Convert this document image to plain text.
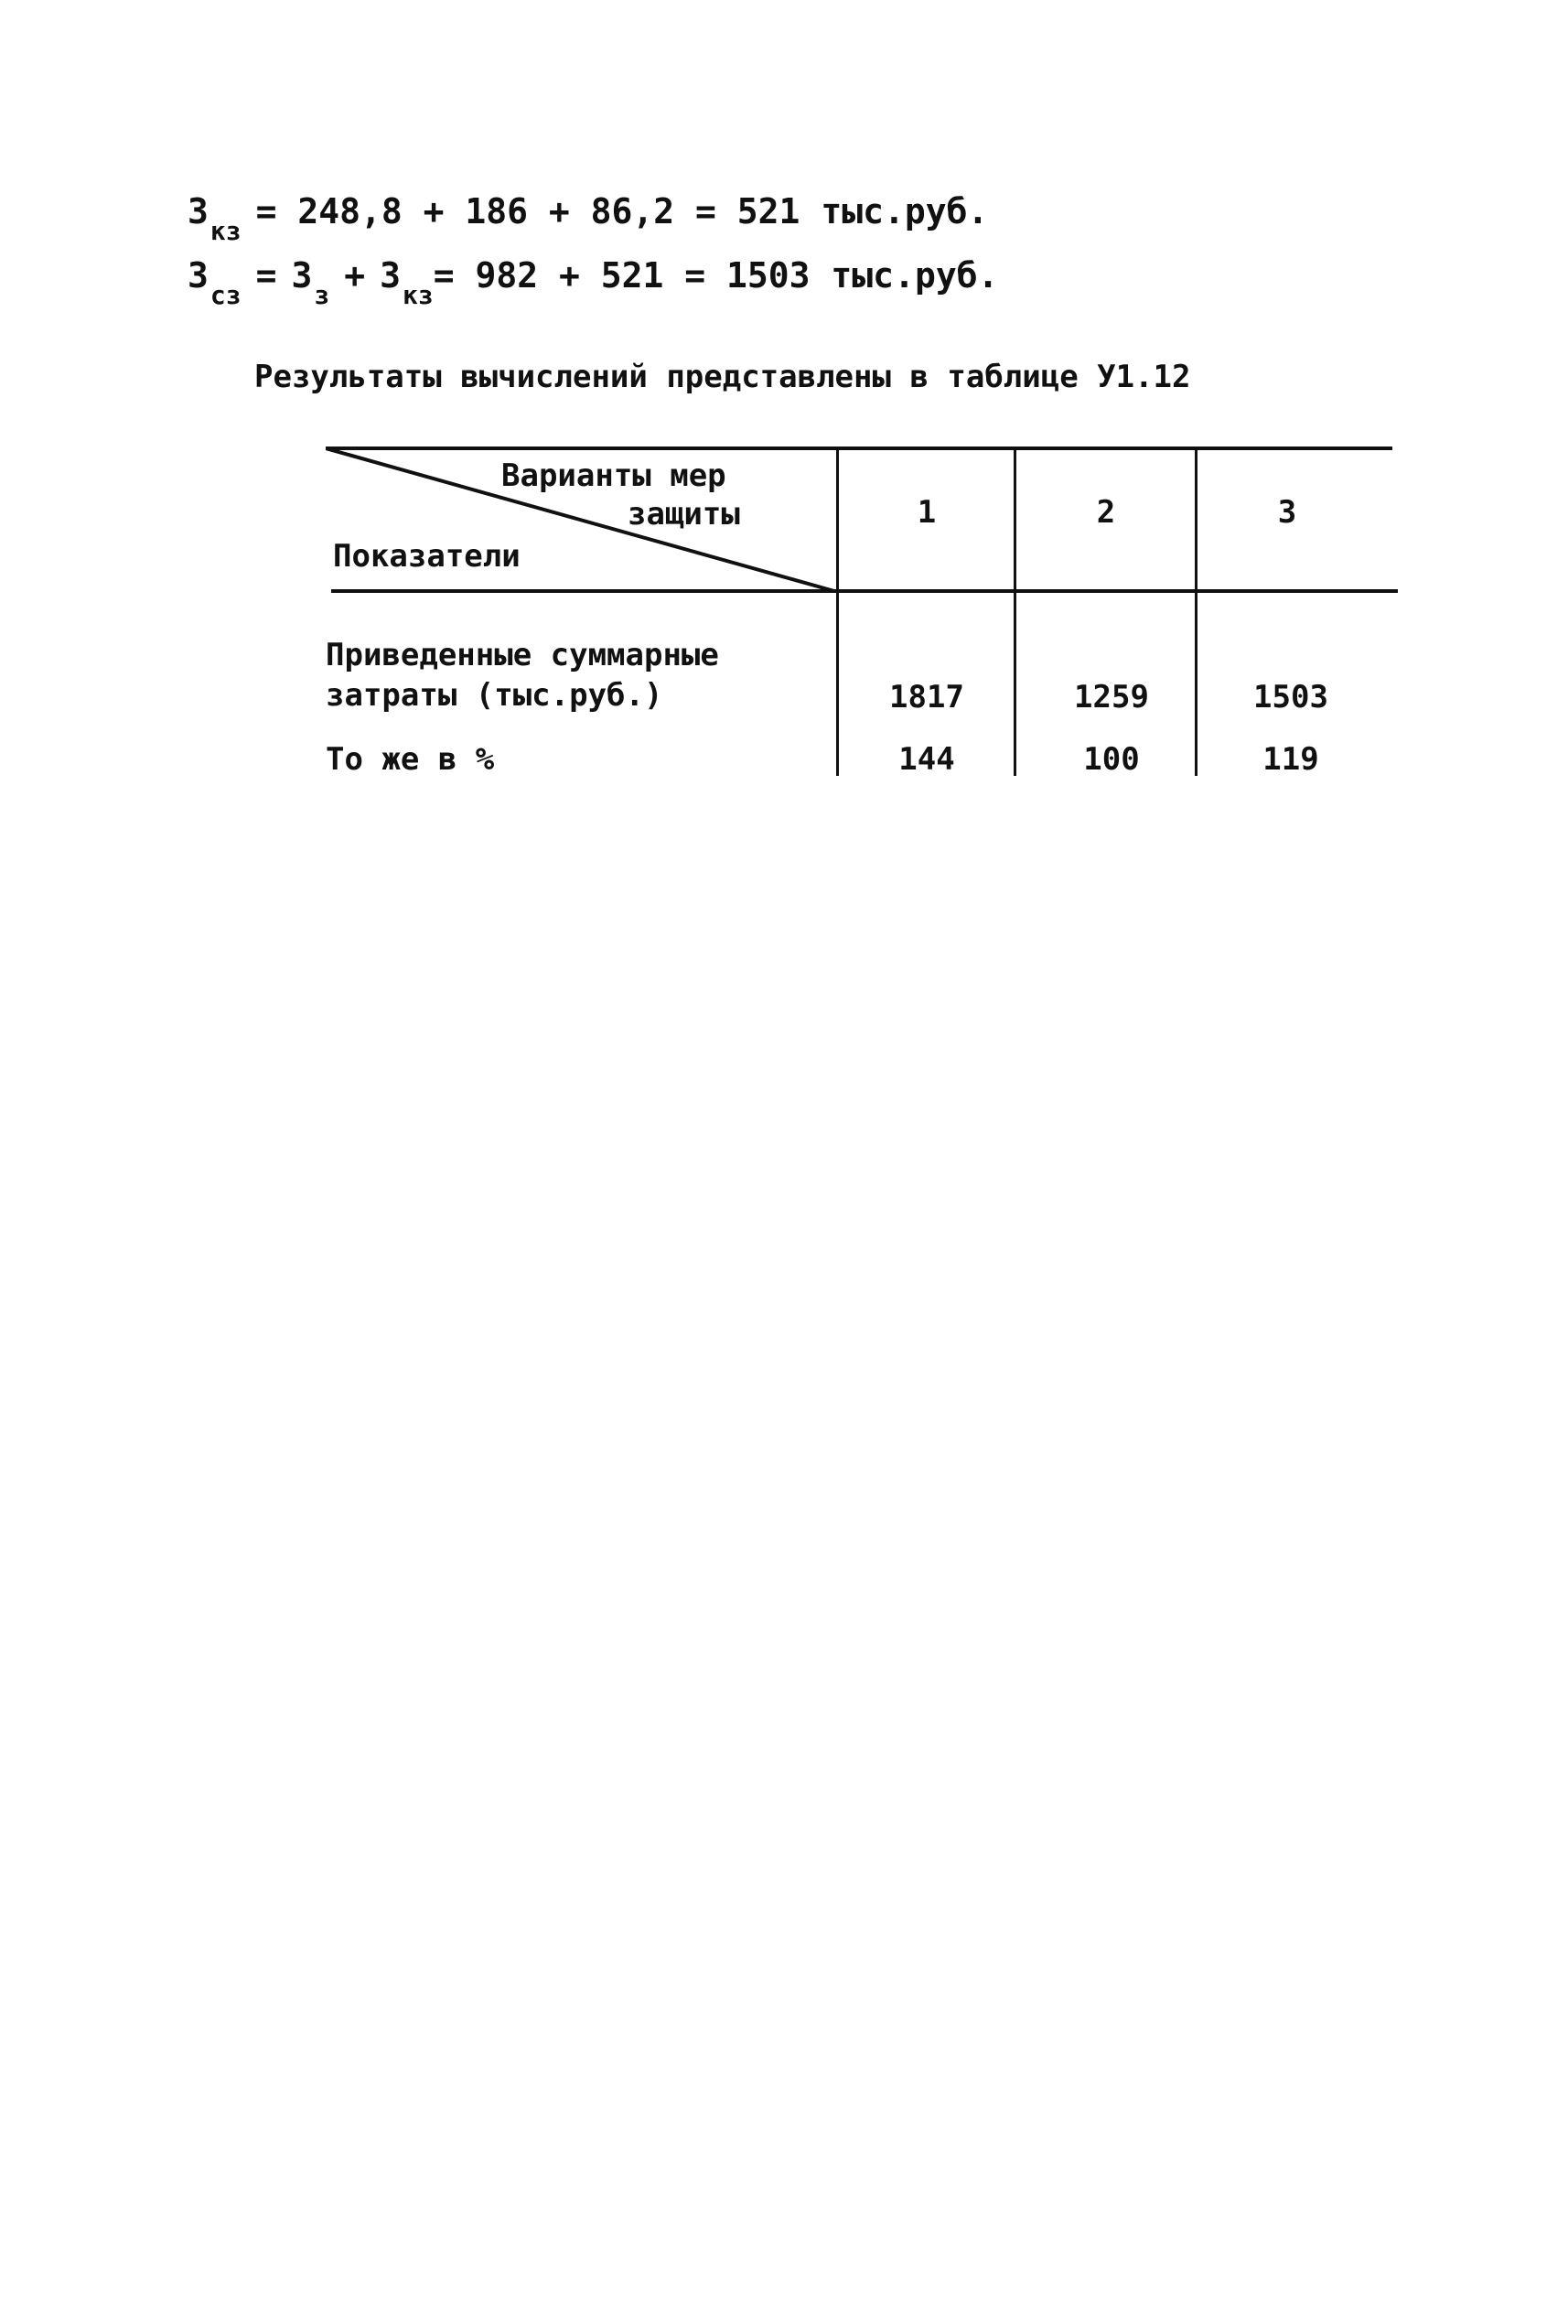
$З_{кз} = 248,8 + 186 + 86,2 = 521$ тыс.руб.
$З_{сз} = З_з + З_{кз}= 982 + 521 = 1503$ тыс.руб.
Результаты вычислений представлены в таблице У1.12
Варианты мер
защиты
Показатели
1	2	3
Приведенные суммарные
затраты (тыс.руб.)	1817	1259	1503
То же в %	144	100	119
